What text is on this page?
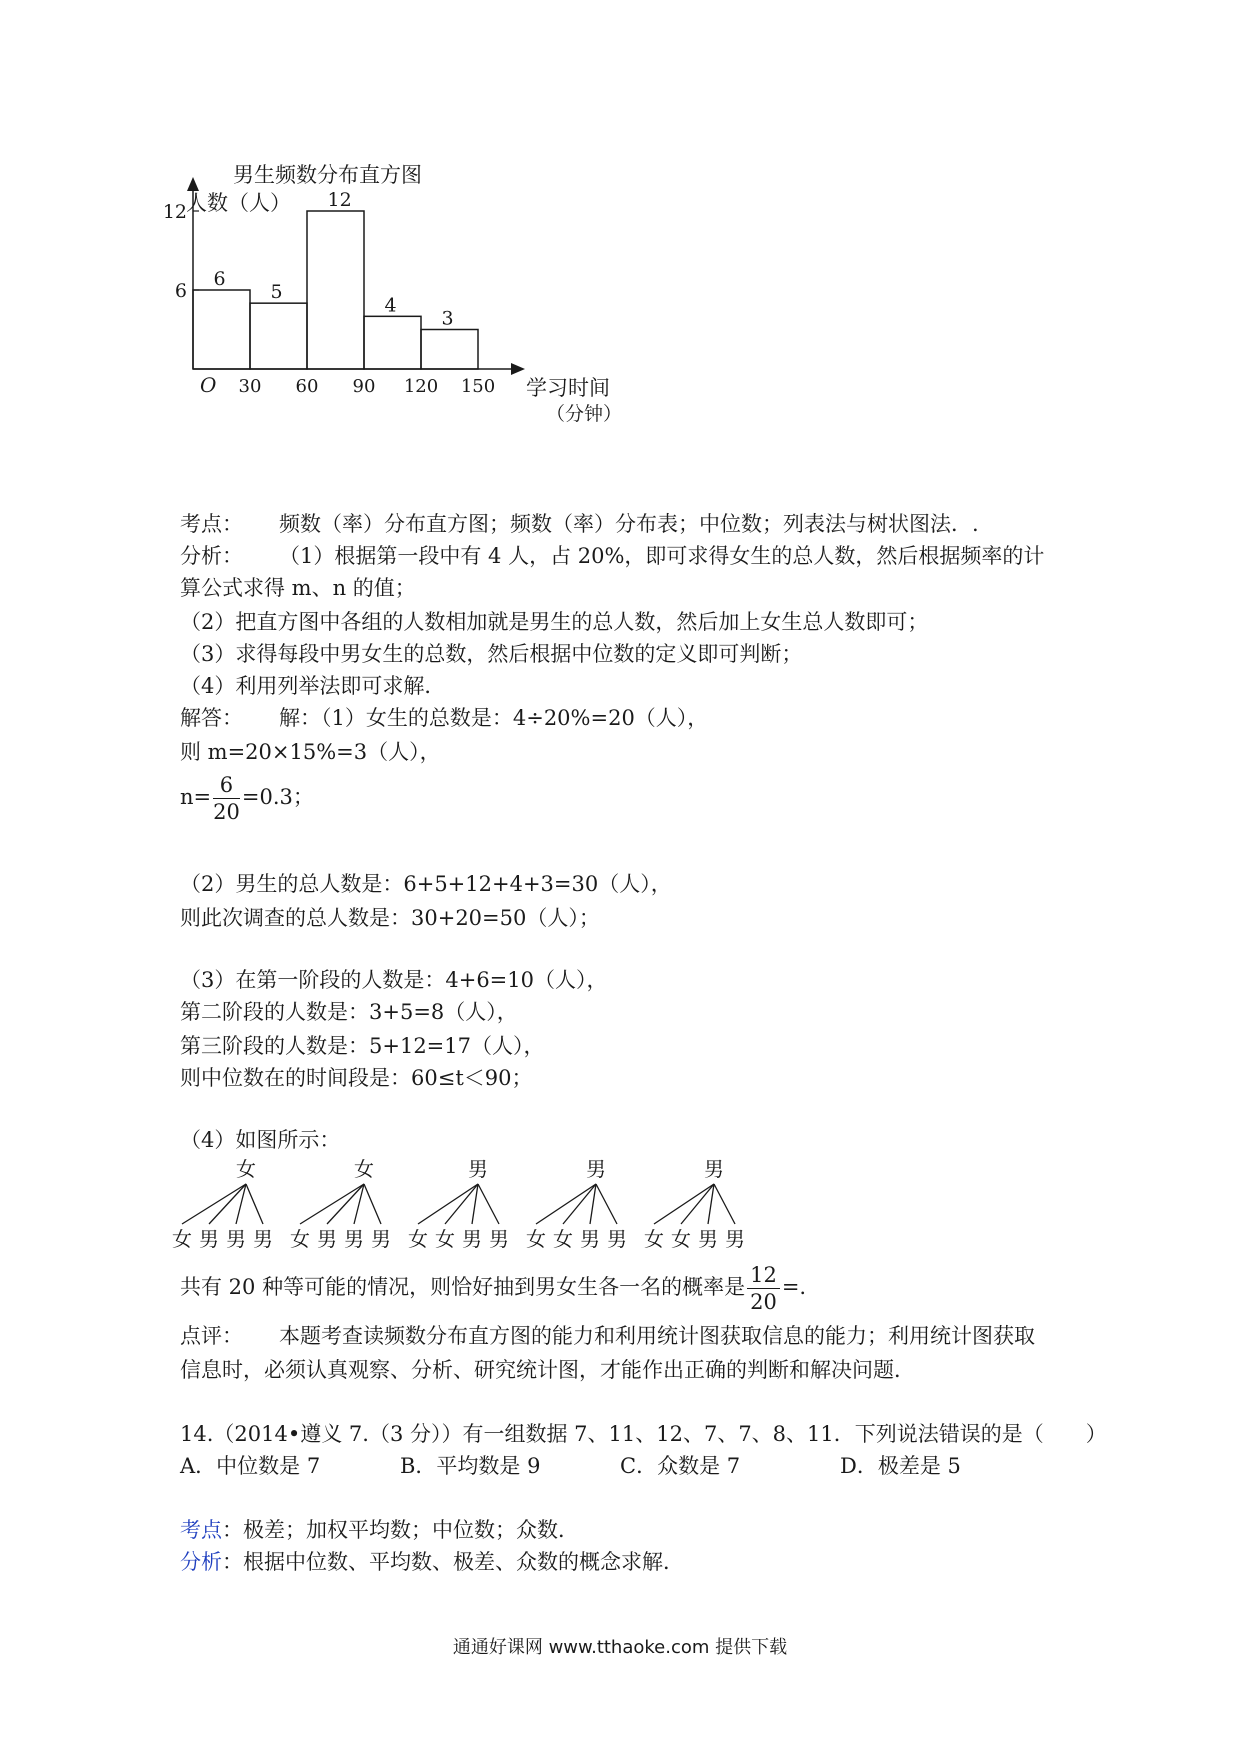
男生频数分布直方图
人数（人）
学习时间
（分钟）
O
6
5
12
4
3
30 60 90 120 150
6
12
考点： 频数（率）分布直方图；频数（率）分布表；中位数；列表法与树状图法．.
分析： （1）根据第一段中有 4 人，占 20%，即可求得女生的总人数，然后根据频率的计
算公式求得 m、n 的值；
（2）把直方图中各组的人数相加就是男生的总人数，然后加上女生总人数即可；
（3）求得每段中男女生的总数，然后根据中位数的定义即可判断；
（4）利用列举法即可求解．
解答： 解：（1）女生的总数是：4÷20%=20（人），
则 m=20×15%=3（人），
$n= \frac{6}{20} =0.3$；
（2）男生的总人数是：6+5+12+4+3=30（人），
则此次调查的总人数是：30+20=50（人）；
（3）在第一阶段的人数是：4+6=10（人），
第二阶段的人数是：3+5=8（人），
第三阶段的人数是：5+12=17（人），
则中位数在的时间段是：60≤t＜90；
（4）如图所示：
女
女 男 男 男
女
女 男 男 男
男
女 女 男 男
男
女 女 男 男
男
女 女 男 男
共有 20 种等可能的情况，则恰好抽到男女生各一名的概率是 $\frac{12}{20}$ =.
点评： 本题考查读频数分布直方图的能力和利用统计图获取信息的能力；利用统计图获取
信息时，必须认真观察、分析、研究统计图，才能作出正确的判断和解决问题．
14.（2014•遵义 7.（3 分））有一组数据 7、11、12、7、7、8、11．下列说法错误的是（　　）
A．中位数是 7	B．平均数是 9	C．众数是 7	D．极差是 5
考点：极差；加权平均数；中位数；众数．
分析：根据中位数、平均数、极差、众数的概念求解．
通通好课网 www.tthaoke.com 提供下载
